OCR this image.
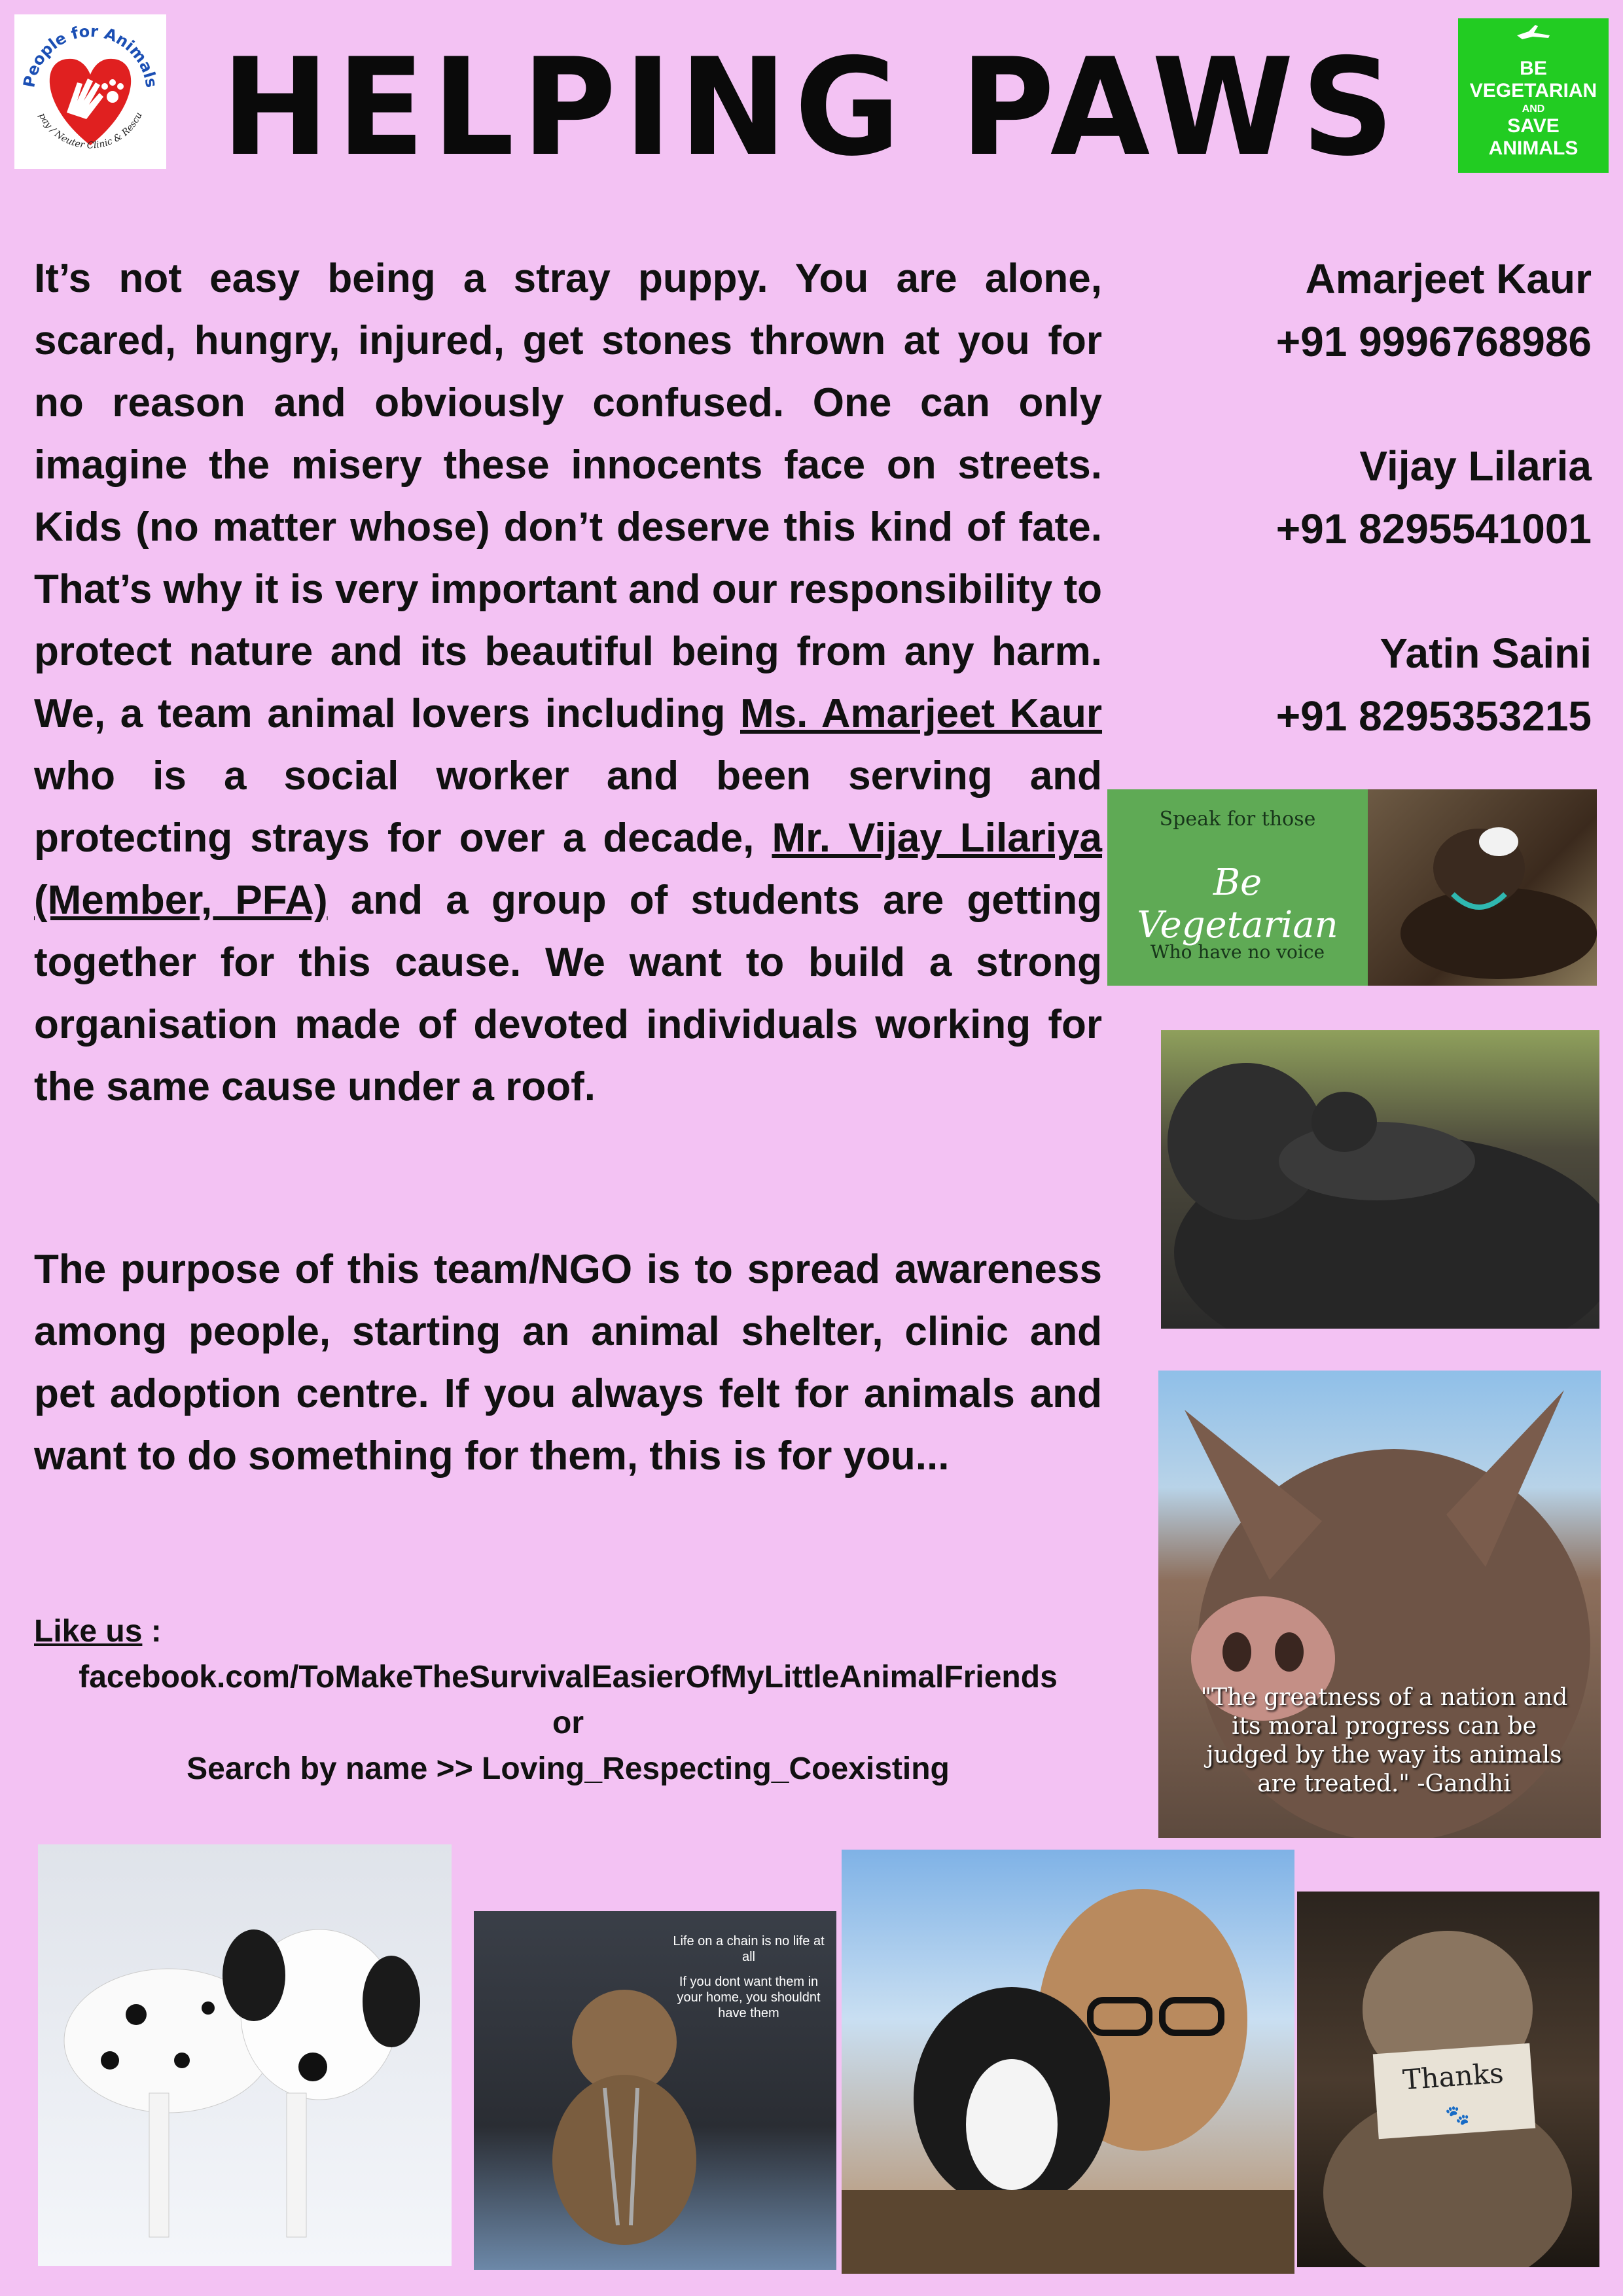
People for Animals
pay / Neuter Clinic & Rescu HELPING PAWS	BE
VEGETARIAN
AND
SAVE
ANIMALS
It’s not easy being a stray puppy. You are alone, scared, hungry, injured, get stones thrown at you for no reason and obviously confused. One can only imagine the misery these innocents face on streets. Kids (no matter whose) don’t deserve this kind of fate. That’s why it is very important and our responsibility to protect nature and its beautiful being from any harm. We, a team animal lovers including Ms. Amarjeet Kaur who is a social worker and been serving and protecting strays for over a decade, Mr. Vijay Lilariya (Member, PFA) and a group of students are getting together for this cause. We want to build a strong organisation made of devoted individuals working for the same cause under a roof.
The purpose of this team/NGO is to spread awareness among people, starting an animal shelter, clinic and pet adoption centre. If you always felt for animals and want to do something for them, this is for you...
Amarjeet Kaur
+91 9996768986
Vijay Lilaria
+91 8295541001
Yatin Saini
+91 8295353215
Like us :
facebook.com/ToMakeTheSurvivalEasierOfMyLittleAnimalFriends
or
Search by name >> Loving_Respecting_Coexisting
Speak for those
Be Vegetarian
Who have no voice
"The greatness of a nation and its moral progress can be judged by the way its animals are treated." -Gandhi
Life on a chain is no life at all
If you dont want them in your home, you shouldnt have them
Thanks
🐾
